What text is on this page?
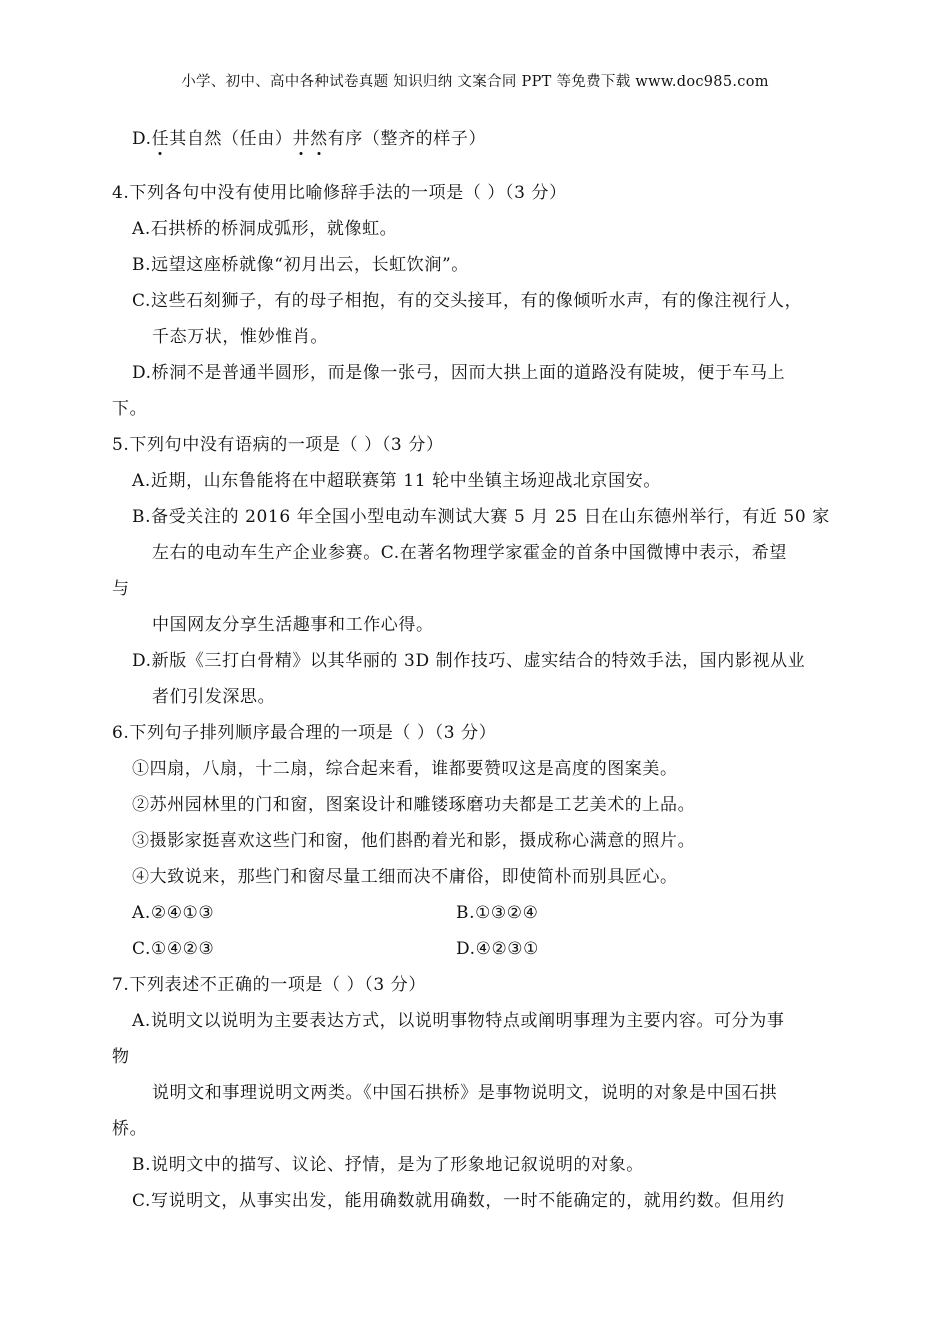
小学、初中、高中各种试卷真题 知识归纳 文案合同 PPT 等免费下载 www.doc985.com
D.任其自然（任由）井然有序（整齐的样子）
4.下列各句中没有使用比喻修辞手法的一项是（ ）（3 分）
A.石拱桥的桥洞成弧形，就像虹。
B.远望这座桥就像“初月出云，长虹饮涧”。
C.这些石刻狮子，有的母子相抱，有的交头接耳，有的像倾听水声，有的像注视行人，
千态万状，惟妙惟肖。
D.桥洞不是普通半圆形，而是像一张弓，因而大拱上面的道路没有陡坡，便于车马上
下。
5.下列句中没有语病的一项是（ ）（3 分）
A.近期，山东鲁能将在中超联赛第 11 轮中坐镇主场迎战北京国安。
B.备受关注的 2016 年全国小型电动车测试大赛 5 月 25 日在山东德州举行，有近 50 家
左右的电动车生产企业参赛。C.在著名物理学家霍金的首条中国微博中表示，希望
与
中国网友分享生活趣事和工作心得。
D.新版《三打白骨精》以其华丽的 3D 制作技巧、虚实结合的特效手法，国内影视从业
者们引发深思。
6.下列句子排列顺序最合理的一项是（ ）（3 分）
①四扇，八扇，十二扇，综合起来看，谁都要赞叹这是高度的图案美。
②苏州园林里的门和窗，图案设计和雕镂琢磨功夫都是工艺美术的上品。
③摄影家挺喜欢这些门和窗，他们斟酌着光和影，摄成称心满意的照片。
④大致说来，那些门和窗尽量工细而决不庸俗，即使简朴而别具匠心。
A.②④①③	B.①③②④
C.①④②③	D.④②③①
7.下列表述不正确的一项是（ ）（3 分）
A.说明文以说明为主要表达方式，以说明事物特点或阐明事理为主要内容。可分为事
物
说明文和事理说明文两类。《中国石拱桥》是事物说明文，说明的对象是中国石拱
桥。
B.说明文中的描写、议论、抒情，是为了形象地记叙说明的对象。
C.写说明文，从事实出发，能用确数就用确数，一时不能确定的，就用约数。但用约
